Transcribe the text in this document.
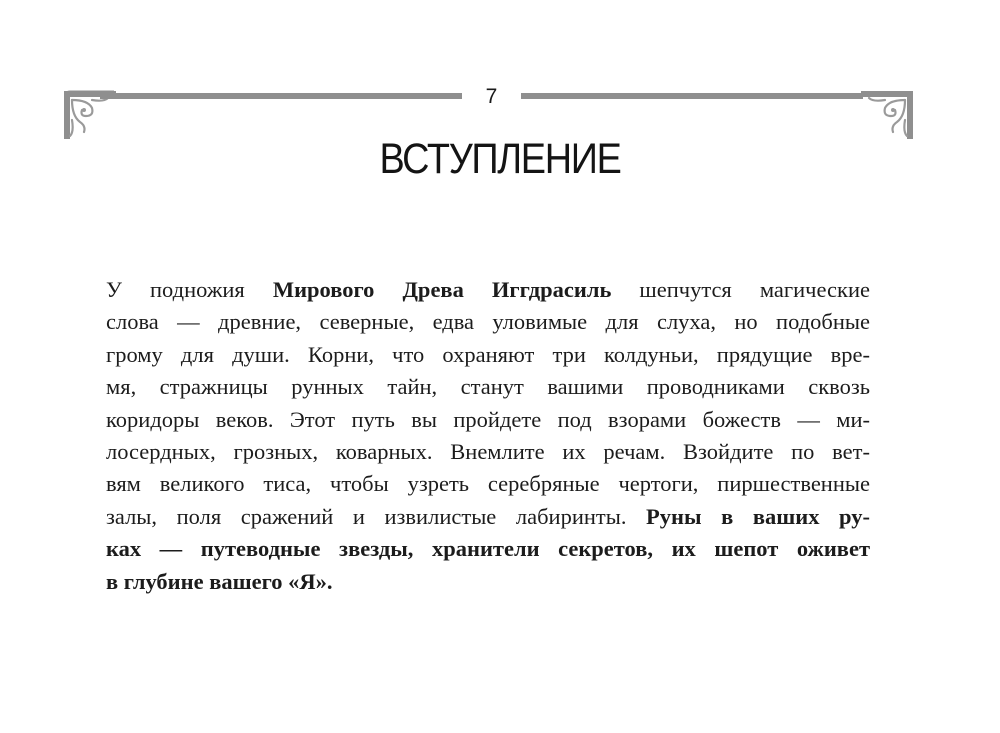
7
ВСТУПЛЕНИЕ
У подножия Мирового Древа Иггдрасиль шепчутся магические
слова — древние, северные, едва уловимые для слуха, но подобные
грому для души. Корни, что охраняют три колдуньи, прядущие вре-
мя, стражницы рунных тайн, станут вашими проводниками сквозь
коридоры веков. Этот путь вы пройдете под взорами божеств — ми-
лосердных, грозных, коварных. Внемлите их речам. Взойдите по вет-
вям великого тиса, чтобы узреть серебряные чертоги, пиршественные
залы, поля сражений и извилистые лабиринты. Руны в ваших ру-
ках — путеводные звезды, хранители секретов, их шепот оживет
в глубине вашего «Я».
